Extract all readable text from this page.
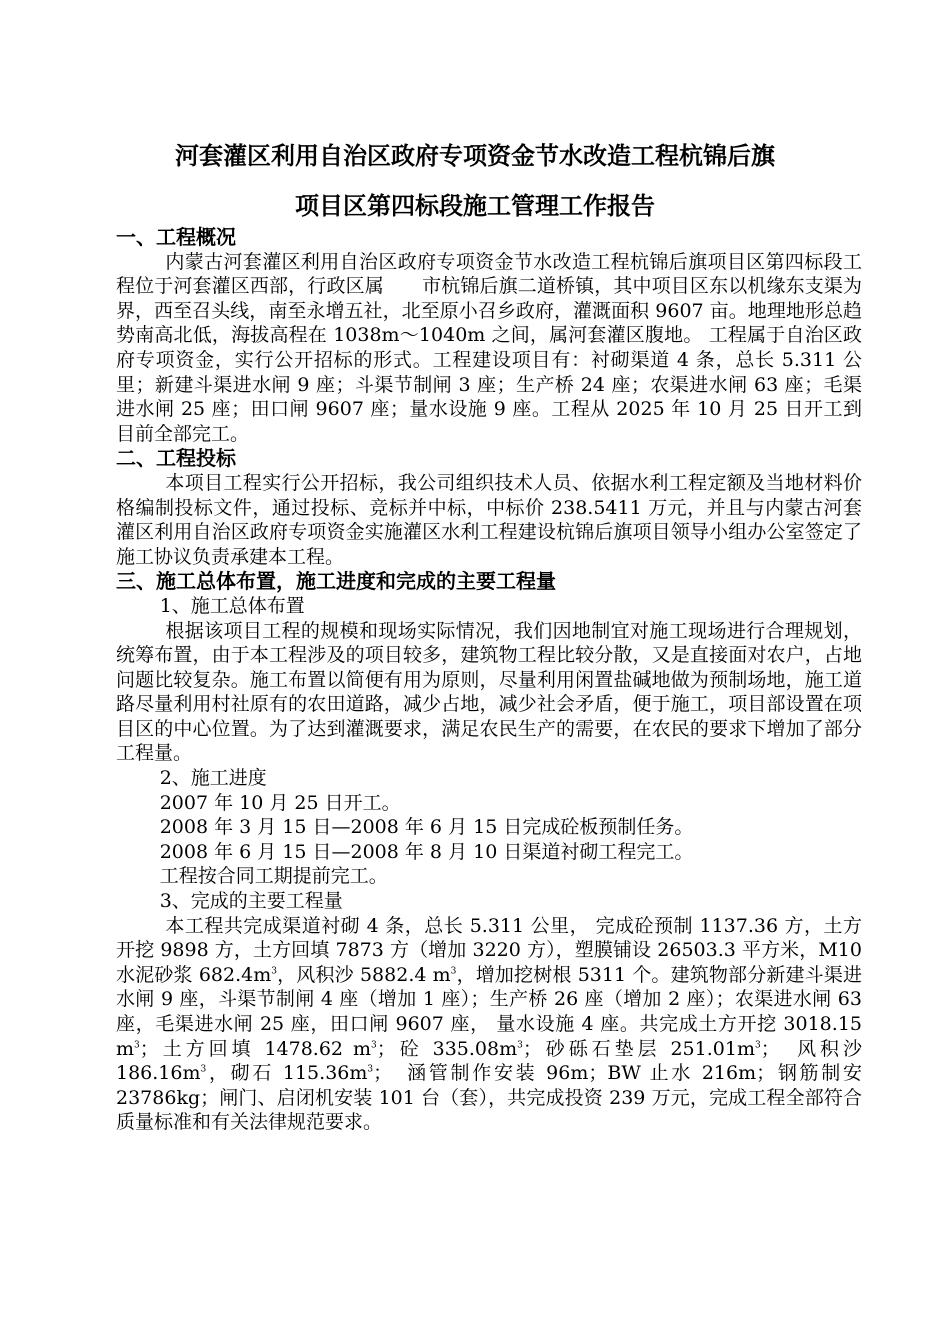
河套灌区利用自治区政府专项资金节水改造工程杭锦后旗

项目区第四标段施工管理工作报告

一、工程概况

内蒙古河套灌区利用自治区政府专项资金节水改造工程杭锦后旗项目区第四标段工程位于河套灌区西部，行政区属　　市杭锦后旗二道桥镇，其中项目区东以机缘东支渠为界，西至召头线，南至永增五社，北至原小召乡政府，灌溉面积 9607 亩。地理地形总趋势南高北低，海拔高程在 1038m～1040m 之间，属河套灌区腹地。 工程属于自治区政府专项资金，实行公开招标的形式。工程建设项目有：衬砌渠道 4 条，总长 5.311 公里；新建斗渠进水闸 9 座；斗渠节制闸 3 座；生产桥 24 座；农渠进水闸 63 座；毛渠进水闸 25 座；田口闸 9607 座；量水设施 9 座。工程从 2025 年 10 月 25 日开工到目前全部完工。

二、工程投标

本项目工程实行公开招标，我公司组织技术人员、依据水利工程定额及当地材料价格编制投标文件，通过投标、竞标并中标，中标价 238.5411 万元，并且与内蒙古河套灌区利用自治区政府专项资金实施灌区水利工程建设杭锦后旗项目领导小组办公室签定了施工协议负责承建本工程。

三、施工总体布置，施工进度和完成的主要工程量

1、施工总体布置

根据该项目工程的规模和现场实际情况，我们因地制宜对施工现场进行合理规划，统筹布置，由于本工程涉及的项目较多，建筑物工程比较分散，又是直接面对农户，占地问题比较复杂。施工布置以简便有用为原则，尽量利用闲置盐碱地做为预制场地，施工道路尽量利用村社原有的农田道路，减少占地，减少社会矛盾，便于施工，项目部设置在项目区的中心位置。为了达到灌溉要求，满足农民生产的需要，在农民的要求下增加了部分工程量。

2、施工进度

2007 年 10 月 25 日开工。

2008 年 3 月 15 日—2008 年 6 月 15 日完成砼板预制任务。

2008 年 6 月 15 日—2008 年 8 月 10 日渠道衬砌工程完工。

工程按合同工期提前完工。

3、完成的主要工程量

本工程共完成渠道衬砌 4 条，总长 5.311 公里， 完成砼预制 1137.36 方，土方开挖 9898 方，土方回填 7873 方（增加 3220 方），塑膜铺设 26503.3 平方米，M10 水泥砂浆 $682.4m^3$，风积沙 5882.4 $m^3$，增加挖树根 5311 个。建筑物部分新建斗渠进水闸 9 座，斗渠节制闸 4 座（增加 1 座）；生产桥 26 座（增加 2 座）；农渠进水闸 63 座，毛渠进水闸 25 座，田口闸 9607 座， 量水设施 4 座。共完成土方开挖 3018.15 $m^3$；土方回填 1478.62 $m^3$；砼 $335.08m^3$；砂砾石垫层 $251.01m^3$；　风积沙 $186.16m^3$，砌石 $115.36m^3$；　涵管制作安装 96m；BW 止水 216m；钢筋制安 23786kg；闸门、启闭机安装 101 台（套），共完成投资 239 万元，完成工程全部符合质量标准和有关法律规范要求。
